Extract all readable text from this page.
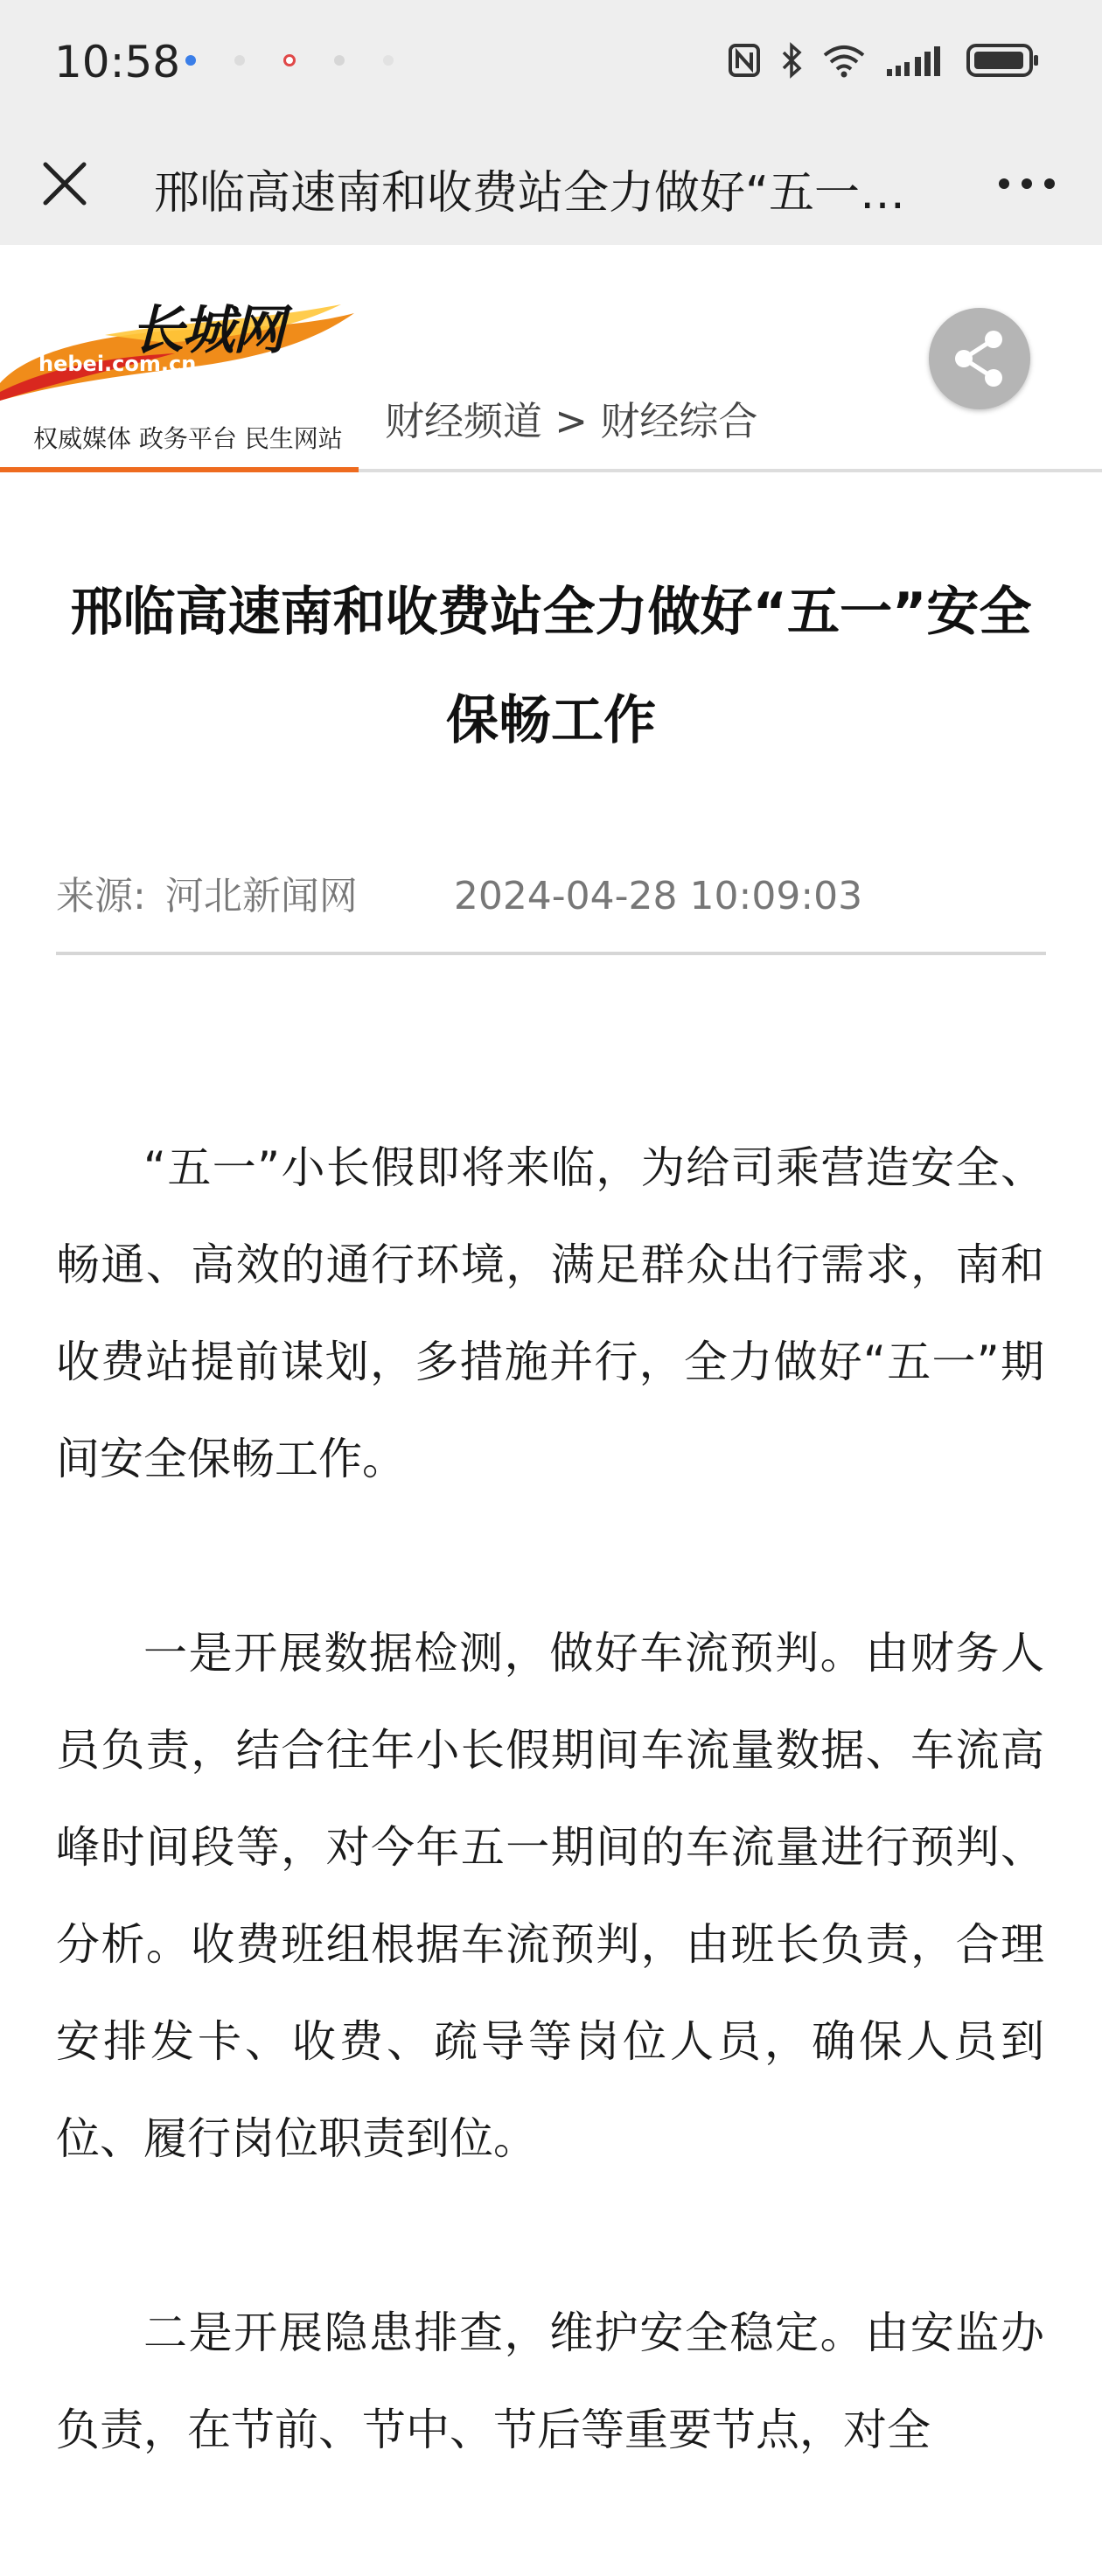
10:58
邢临高速南和收费站全力做好“五一…
长城网
hebei.com.cn
权威媒体 政务平台 民生网站 财经频道 > 财经综合
邢临高速南和收费站全力做好“五一”安全保畅工作
来源: 河北新闻网	2024-04-28 10:09:03

“五一”小长假即将来临，为给司乘营造安全、畅通、高效的通行环境，满足群众出行需求，南和收费站提前谋划，多措施并行，全力做好“五一”期间安全保畅工作。

一是开展数据检测，做好车流预判。由财务人员负责，结合往年小长假期间车流量数据、车流高峰时间段等，对今年五一期间的车流量进行预判、分析。收费班组根据车流预判，由班长负责，合理安排发卡、收费、疏导等岗位人员，确保人员到位、履行岗位职责到位。

二是开展隐患排查，维护安全稳定。由安监办负责，在节前、节中、节后等重要节点，对全
